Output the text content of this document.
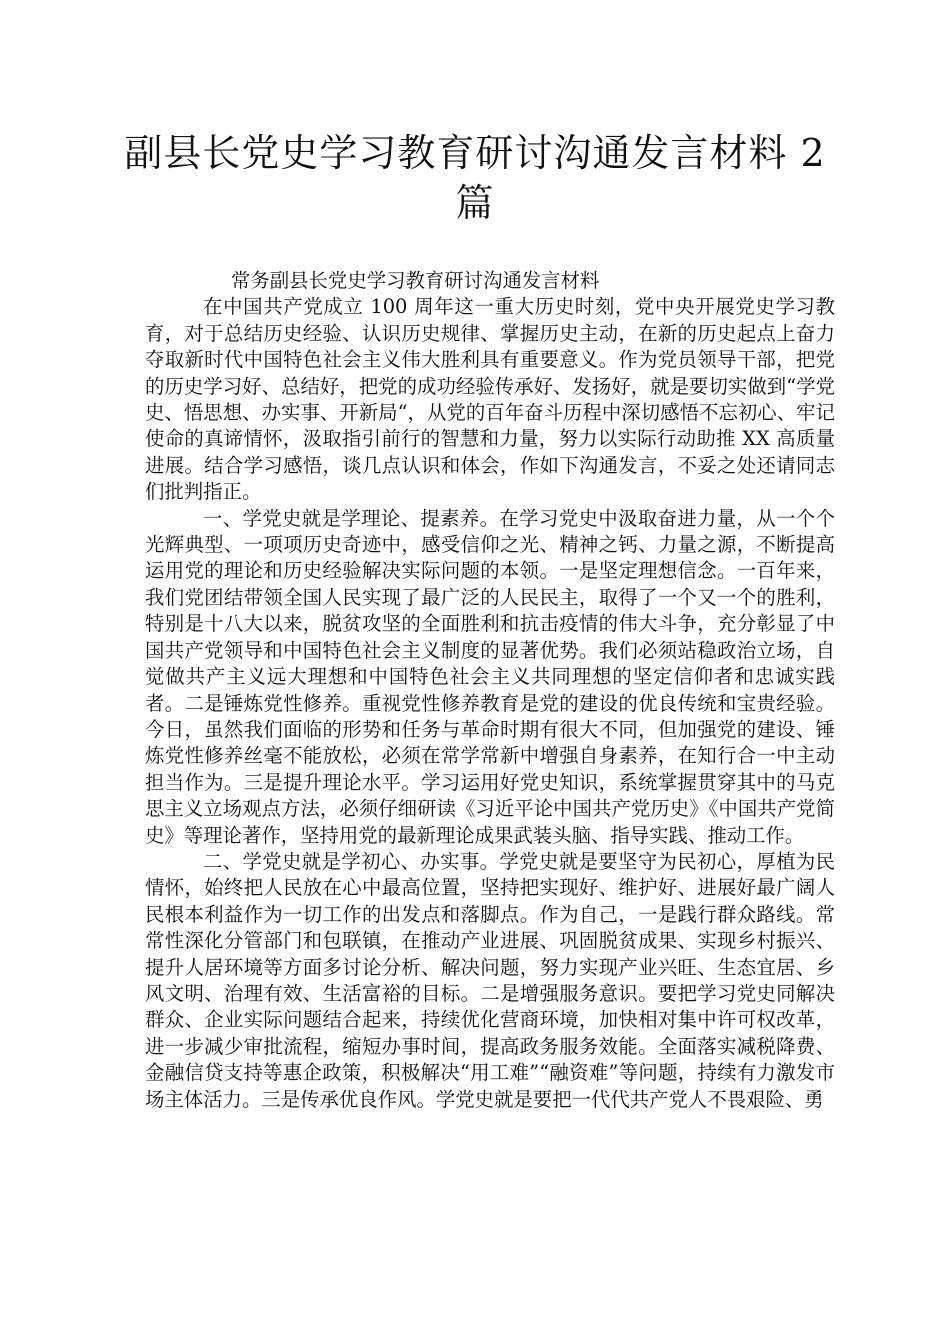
副县长党史学习教育研讨沟通发言材料 2 篇
常务副县长党史学习教育研讨沟通发言材料

在中国共产党成立 100 周年这一重大历史时刻，党中央开展党史学习教育，对于总结历史经验、认识历史规律、掌握历史主动，在新的历史起点上奋力夺取新时代中国特色社会主义伟大胜利具有重要意义。作为党员领导干部，把党的历史学习好、总结好，把党的成功经验传承好、发扬好，就是要切实做到“学党史、悟思想、办实事、开新局“，从党的百年奋斗历程中深切感悟不忘初心、牢记使命的真谛情怀，汲取指引前行的智慧和力量，努力以实际行动助推 XX 高质量进展。结合学习感悟，谈几点认识和体会，作如下沟通发言，不妥之处还请同志们批判指正。

一、学党史就是学理论、提素养。在学习党史中汲取奋进力量，从一个个光辉典型、一项项历史奇迹中，感受信仰之光、精神之钙、力量之源，不断提高运用党的理论和历史经验解决实际问题的本领。一是坚定理想信念。一百年来，我们党团结带领全国人民实现了最广泛的人民民主，取得了一个又一个的胜利，特别是十八大以来，脱贫攻坚的全面胜利和抗击疫情的伟大斗争，充分彰显了中国共产党领导和中国特色社会主义制度的显著优势。我们必须站稳政治立场，自觉做共产主义远大理想和中国特色社会主义共同理想的坚定信仰者和忠诚实践者。二是锤炼党性修养。重视党性修养教育是党的建设的优良传统和宝贵经验。今日，虽然我们面临的形势和任务与革命时期有很大不同，但加强党的建设、锤炼党性修养丝毫不能放松，必须在常学常新中增强自身素养，在知行合一中主动担当作为。三是提升理论水平。学习运用好党史知识，系统掌握贯穿其中的马克思主义立场观点方法，必须仔细研读《习近平论中国共产党历史》《中国共产党简史》等理论著作，坚持用党的最新理论成果武装头脑、指导实践、推动工作。

二、学党史就是学初心、办实事。学党史就是要坚守为民初心，厚植为民情怀，始终把人民放在心中最高位置，坚持把实现好、维护好、进展好最广阔人民根本利益作为一切工作的出发点和落脚点。作为自己，一是践行群众路线。常常性深化分管部门和包联镇，在推动产业进展、巩固脱贫成果、实现乡村振兴、提升人居环境等方面多讨论分析、解决问题，努力实现产业兴旺、生态宜居、乡风文明、治理有效、生活富裕的目标。二是增强服务意识。要把学习党史同解决群众、企业实际问题结合起来，持续优化营商环境，加快相对集中许可权改革，进一步减少审批流程，缩短办事时间，提高政务服务效能。全面落实减税降费、金融信贷支持等惠企政策，积极解决“用工难”“融资难”等问题，持续有力激发市场主体活力。三是传承优良作风。学党史就是要把一代代共产党人不畏艰险、勇
